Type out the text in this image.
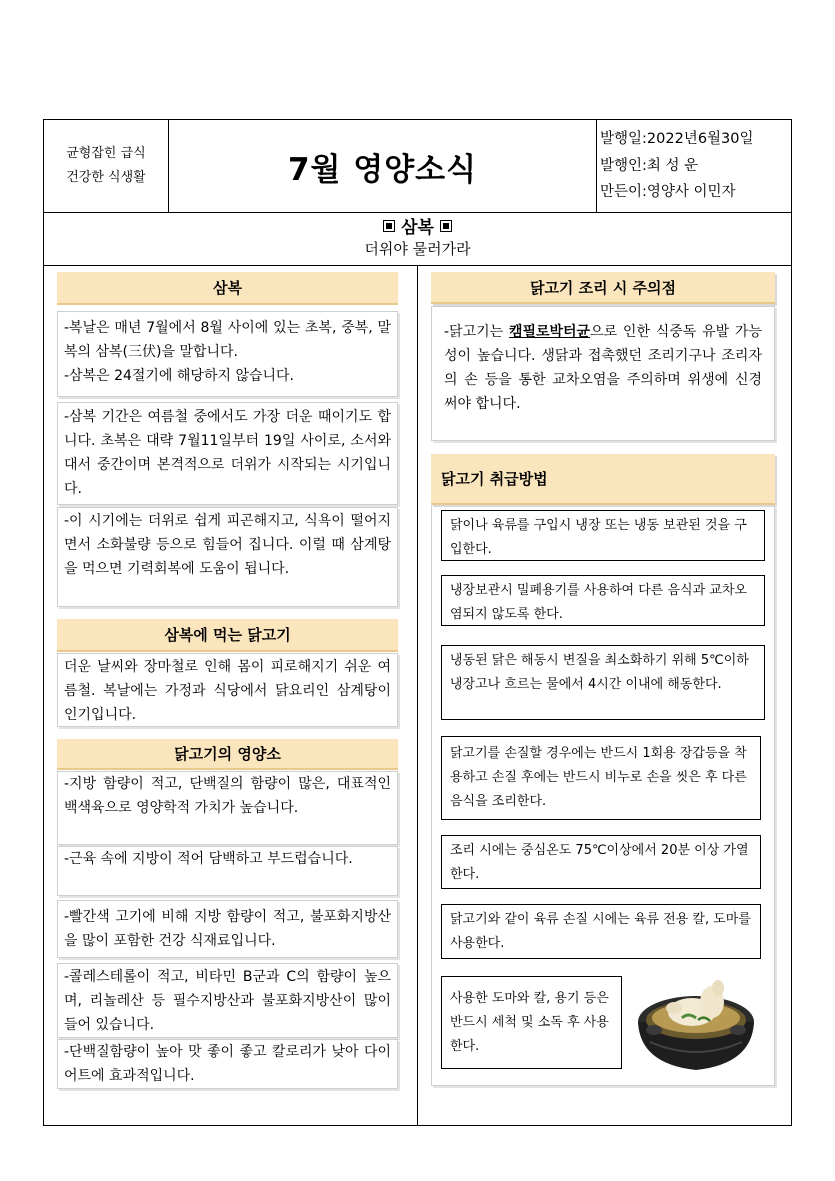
균형잡힌 급식
건강한 식생활	7월 영양소식
발행일:2022년6월30일
발행인:최 성 운
만든이:영양사 이민자
삼복
더위야 물러가라
삼복

-복날은 매년 7월에서 8월 사이에 있는 초복, 중복, 말복의 삼복(三伏)을 말합니다.

-삼복은 24절기에 해당하지 않습니다.

-삼복 기간은 여름철 중에서도 가장 더운 때이기도 합니다. 초복은 대략 7월11일부터 19일 사이로, 소서와 대서 중간이며 본격적으로 더위가 시작되는 시기입니다.

-이 시기에는 더위로 쉽게 피곤해지고, 식욕이 떨어지면서 소화불량 등으로 힘들어 집니다. 이럴 때 삼계탕을 먹으면 기력회복에 도움이 됩니다.

삼복에 먹는 닭고기

더운 날씨와 장마철로 인해 몸이 피로해지기 쉬운 여름철. 복날에는 가정과 식당에서 닭요리인 삼계탕이 인기입니다.

닭고기의 영양소

-지방 함량이 적고, 단백질의 함량이 많은, 대표적인 백색육으로 영양학적 가치가 높습니다.

-근육 속에 지방이 적어 담백하고 부드럽습니다.

-빨간색 고기에 비해 지방 함량이 적고, 불포화지방산을 많이 포함한 건강 식재료입니다.

-콜레스테롤이 적고, 비타민 B군과 C의 함량이 높으며, 리놀레산 등 필수지방산과 불포화지방산이 많이 들어 있습니다.

-단백질함량이 높아 맛 좋이 좋고 칼로리가 낮아 다이어트에 효과적입니다.

닭고기 조리 시 주의점

-닭고기는 캠필로박터균으로 인한 식중독 유발 가능성이 높습니다. 생닭과 접촉했던 조리기구나 조리자의 손 등을 통한 교차오염을 주의하며 위생에 신경 써야 합니다.

닭고기 취급방법
닭이나 육류를 구입시 냉장 또는 냉동 보관된 것을 구입한다.
냉장보관시 밀폐용기를 사용하여 다른 음식과 교차오염되지 않도록 한다.
냉동된 닭은 해동시 변질을 최소화하기 위해 5℃이하 냉장고나 흐르는 물에서 4시간 이내에 해동한다.
닭고기를 손질할 경우에는 반드시 1회용 장갑등을 착용하고 손질 후에는 반드시 비누로 손을 씻은 후 다른 음식을 조리한다.
조리 시에는 중심온도 75℃이상에서 20분 이상 가열한다.
닭고기와 같이 육류 손질 시에는 육류 전용 칼, 도마를 사용한다.
사용한 도마와 칼, 용기 등은 반드시 세척 및 소독 후 사용한다.
